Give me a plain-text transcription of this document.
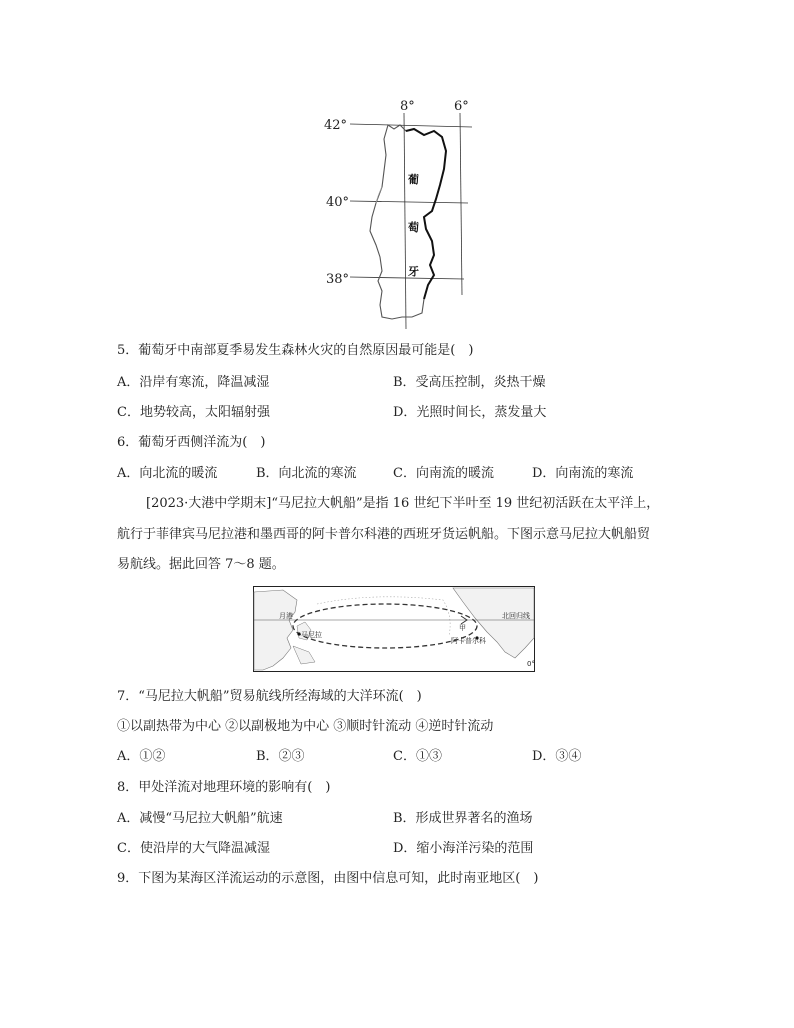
8°	6°
42°
40°
38°
葡
萄
牙
5．葡萄牙中南部夏季易发生森林火灾的自然原因最可能是(　)
A．沿岸有寒流，降温减湿	B．受高压控制，炎热干燥
C．地势较高，太阳辐射强	D．光照时间长，蒸发量大
6．葡萄牙西侧洋流为(　)
A．向北流的暖流	B．向北流的寒流	C．向南流的暖流	D．向南流的寒流
[2023·大港中学期末]“马尼拉大帆船”是指 16 世纪下半叶至 19 世纪初活跃在太平洋上，
航行于菲律宾马尼拉港和墨西哥的阿卡普尔科港的西班牙货运帆船。下图示意马尼拉大帆船贸
易航线。据此回答 7～8 题。
月港
马尼拉
甲
阿卡普尔科
北回归线
0°
7．“马尼拉大帆船”贸易航线所经海域的大洋环流(　)
①以副热带为中心 ②以副极地为中心 ③顺时针流动 ④逆时针流动
A．①②	B．②③	C．①③	D．③④
8．甲处洋流对地理环境的影响有(　)
A．减慢“马尼拉大帆船”航速	B．形成世界著名的渔场
C．使沿岸的大气降温减湿	D．缩小海洋污染的范围
9．下图为某海区洋流运动的示意图，由图中信息可知，此时南亚地区(　)
